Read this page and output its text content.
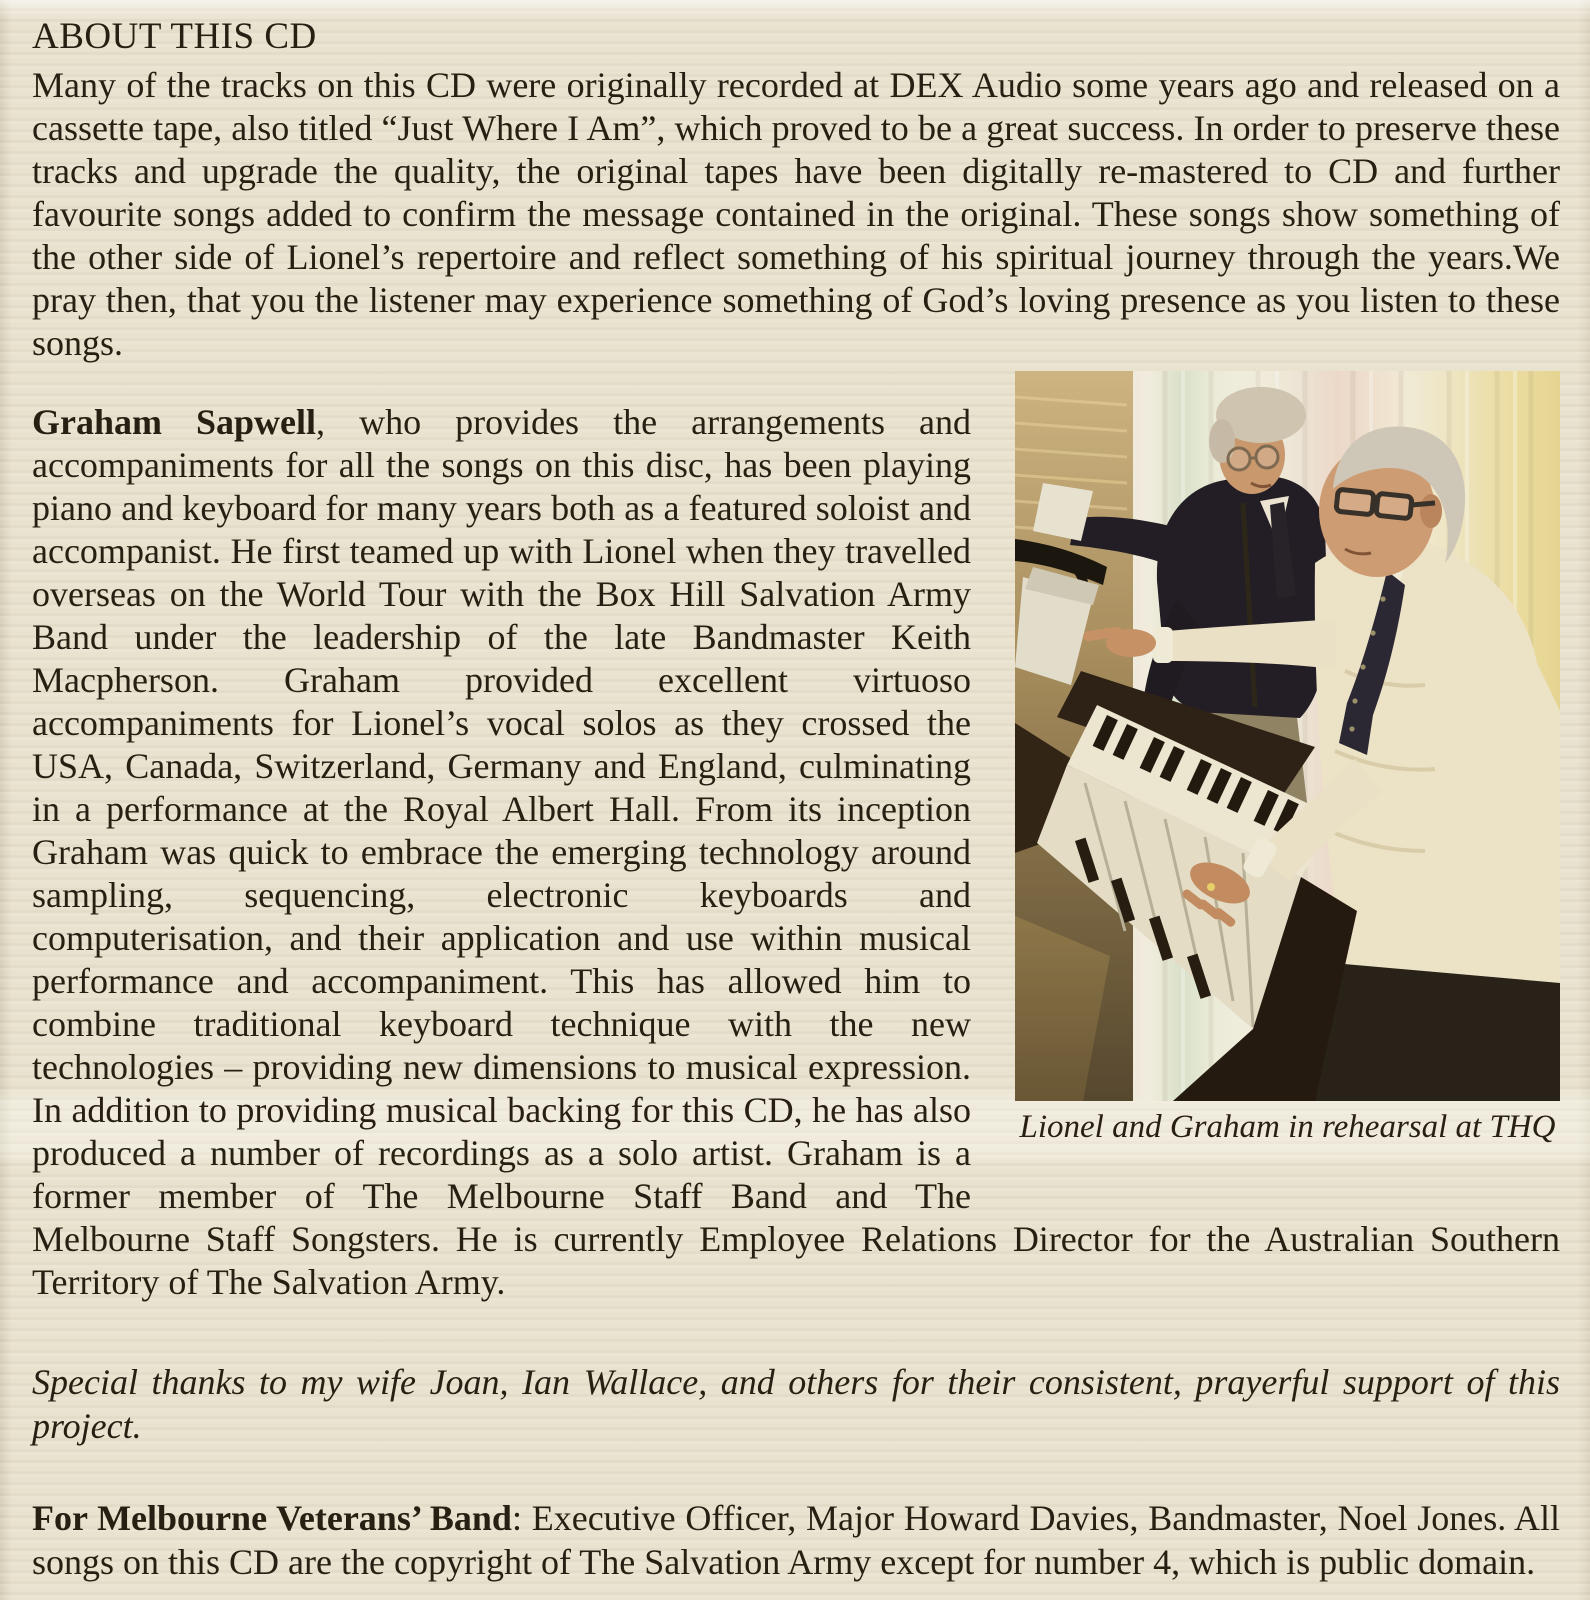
ABOUT THIS CD

Many of the tracks on this CD were originally recorded at DEX Audio some years ago and released on a cassette tape, also titled “Just Where I Am”, which proved to be a great success. In order to preserve these tracks and upgrade the quality, the original tapes have been digitally re-mastered to CD and further favourite songs added to confirm the message contained in the original. These songs show something of the other side of Lionel’s repertoire and reflect something of his spiritual journey through the years.We pray then, that you the listener may experience something of God’s loving presence as you listen to these songs.

Lionel and Graham in rehearsal at THQ

Graham Sapwell, who provides the arrangements and accompaniments for all the songs on this disc, has been playing piano and keyboard for many years both as a featured soloist and accompanist. He first teamed up with Lionel when they travelled overseas on the World Tour with the Box Hill Salvation Army Band under the leadership of the late Bandmaster Keith Macpherson. Graham provided excellent virtuoso accompaniments for Lionel’s vocal solos as they crossed the USA, Canada, Switzerland, Germany and England, culminating in a performance at the Royal Albert Hall. From its inception Graham was quick to embrace the emerging technology around sampling, sequencing, electronic keyboards and computerisation, and their application and use within musical performance and accompaniment. This has allowed him to combine traditional keyboard technique with the new technologies – providing new dimensions to musical expression. In addition to providing musical backing for this CD, he has also produced a number of recordings as a solo artist. Graham is a former member of The Melbourne Staff Band and The Melbourne Staff Songsters. He is currently Employee Relations Director for the Australian Southern Territory of The Salvation Army.

Special thanks to my wife Joan, Ian Wallace, and others for their consistent, prayerful support of this project.

For Melbourne Veterans’ Band: Executive Officer, Major Howard Davies, Bandmaster, Noel Jones. All songs on this CD are the copyright of The Salvation Army except for number 4, which is public domain.
